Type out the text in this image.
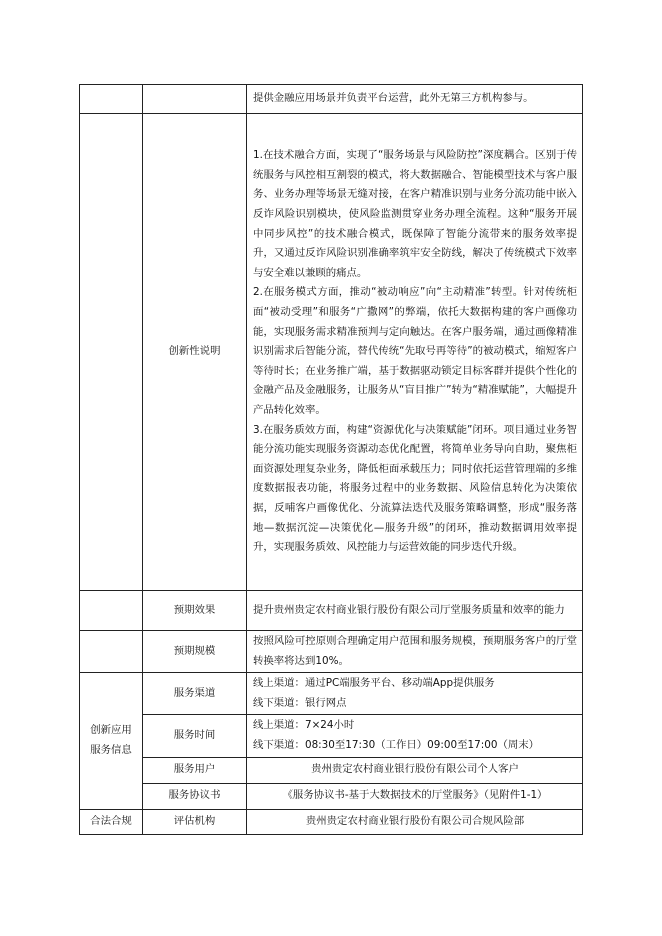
		提供金融应用场景并负责平台运营，此外无第三方机构参与。
	创新性说明	1.在技术融合方面，实现了“服务场景与风险防控”深度耦合。区别于传统服务与风控相互割裂的模式，将大数据融合、智能模型技术与客户服务、业务办理等场景无缝对接，在客户精准识别与业务分流功能中嵌入反诈风险识别模块，使风险监测贯穿业务办理全流程。这种“服务开展中同步风控”的技术融合模式，既保障了智能分流带来的服务效率提升，又通过反诈风险识别准确率筑牢安全防线，解决了传统模式下效率与安全难以兼顾的痛点。
2.在服务模式方面，推动“被动响应”向“主动精准”转型。针对传统柜面“被动受理”和服务“广撒网”的弊端，依托大数据构建的客户画像功能，实现服务需求精准预判与定向触达。在客户服务端，通过画像精准识别需求后智能分流，替代传统“先取号再等待”的被动模式，缩短客户等待时长；在业务推广端，基于数据驱动锁定目标客群并提供个性化的金融产品及金融服务，让服务从“盲目推广”转为“精准赋能”，大幅提升产品转化效率。
3.在服务质效方面，构建“资源优化与决策赋能”闭环。项目通过业务智能分流功能实现服务资源动态优化配置，将简单业务导向自助，聚焦柜面资源处理复杂业务，降低柜面承载压力；同时依托运营管理端的多维度数据报表功能，将服务过程中的业务数据、风险信息转化为决策依据，反哺客户画像优化、分流算法迭代及服务策略调整，形成“服务落地—数据沉淀—决策优化—服务升级”的闭环，推动数据调用效率提升，实现服务质效、风控能力与运营效能的同步迭代升级。

	预期效果	提升贵州贵定农村商业银行股份有限公司厅堂服务质量和效率的能力
	预期规模	按照风险可控原则合理确定用户范围和服务规模，预期服务客户的厅堂转换率将达到10%。

创新应用
服务信息	服务渠道	线上渠道：通过PC端服务平台、移动端App提供服务
线下渠道：银行网点

	服务时间	线上渠道：7×24小时
线下渠道：08:30至17:30（工作日）09:00至17:00（周末）

	服务用户	贵州贵定农村商业银行股份有限公司个人客户
	服务协议书	《服务协议书-基于大数据技术的厅堂服务》（见附件1-1）
合法合规	评估机构	贵州贵定农村商业银行股份有限公司合规风险部
